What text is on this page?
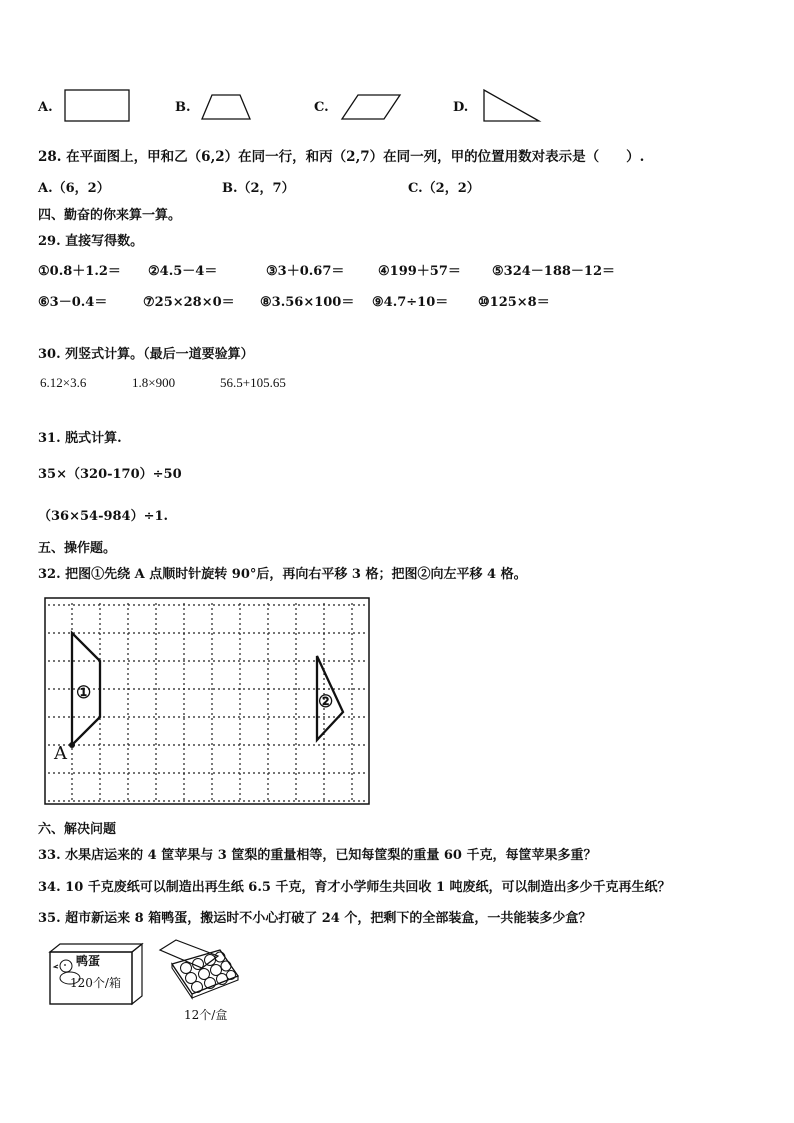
A.	B.	C.	D.
28. 在平面图上，甲和乙（6,2）在同一行，和丙（2,7）在同一列，甲的位置用数对表示是（　　）.
A.（6，2）	B.（2，7）	C.（2，2）
四、勤奋的你来算一算。
29. 直接写得数。
①0.8＋1.2＝ ②4.5－4＝	③3＋0.67＝	④199＋57＝ ⑤324－188－12＝
⑥3－0.4＝	⑦25×28×0＝ ⑧3.56×100＝ ⑨4.7÷10＝ ⑩125×8＝
30. 列竖式计算。（最后一道要验算）
6.12×3.6	1.8×900	56.5+105.65
31. 脱式计算.
35×（320-170）÷50
（36×54-984）÷1.
五、操作题。
32. 把图①先绕 A 点顺时针旋转 90°后，再向右平移 3 格；把图②向左平移 4 格。
①	②
A
六、解决问题
33. 水果店运来的 4 筐苹果与 3 筐梨的重量相等，已知每筐梨的重量 60 千克，每筐苹果多重？
34. 10 千克废纸可以制造出再生纸 6.5 千克，育才小学师生共回收 1 吨废纸，可以制造出多少千克再生纸？
35. 超市新运来 8 箱鸭蛋，搬运时不小心打破了 24 个，把剩下的全部装盒，一共能装多少盒？
鸭蛋
120个/箱
12个/盒
